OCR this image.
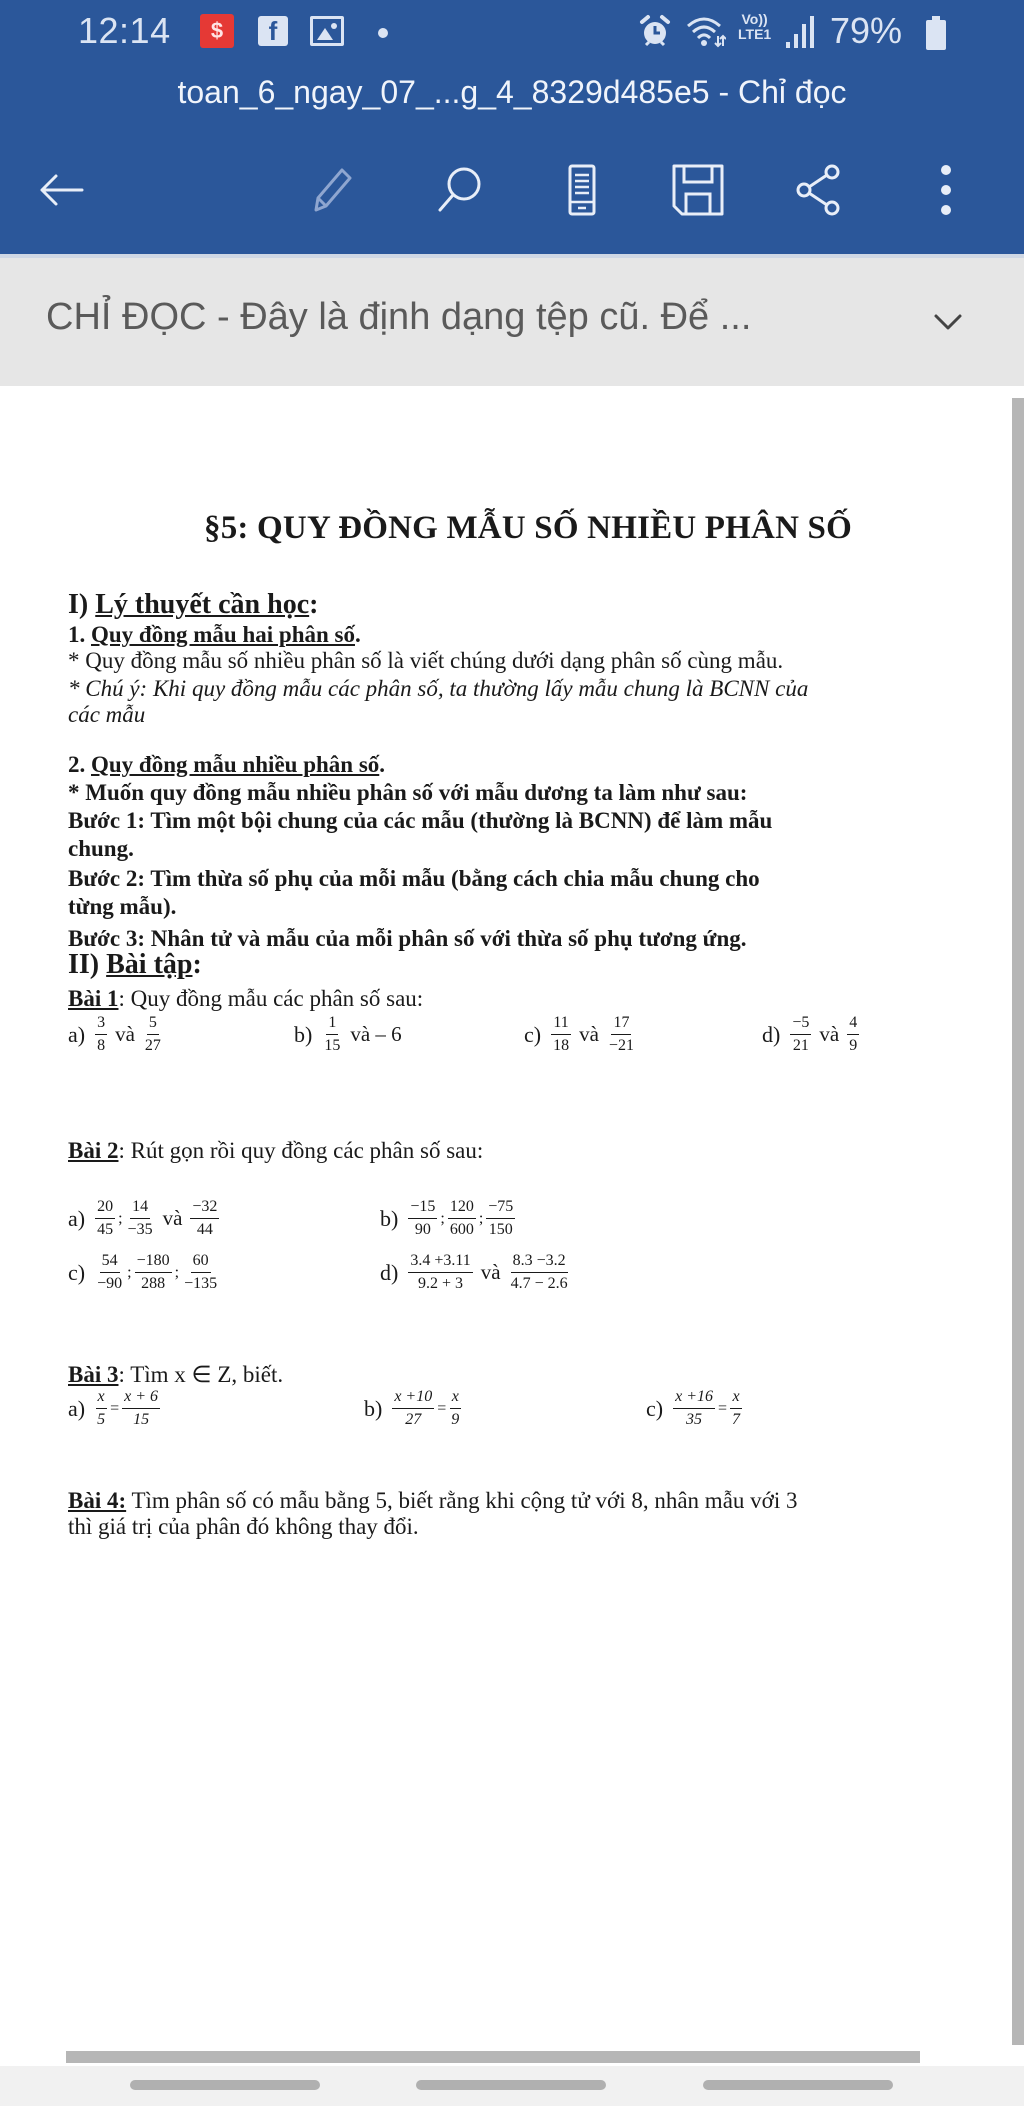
12:14	$	f	Vo))
LTE1 79%
toan_6_ngay_07_...g_4_8329d485e5 - Chỉ đọc
CHỈ ĐỌC - Đây là định dạng tệp cũ. Để ...
§5: QUY ĐỒNG MẪU SỐ NHIỀU PHÂN SỐ
I) Lý thuyết cần học:
1. Quy đồng mẫu hai phân số.
* Quy đồng mẫu số nhiều phân số là viết chúng dưới dạng phân số cùng mẫu.
* Chú ý: Khi quy đồng mẫu các phân số, ta thường lấy mẫu chung là BCNN của
các mẫu
2. Quy đồng mẫu nhiều phân số.
* Muốn quy đồng mẫu nhiều phân số với mẫu dương ta làm như sau:
Bước 1: Tìm một bội chung của các mẫu (thường là BCNN) để làm mẫu
chung.
Bước 2: Tìm thừa số phụ của mỗi mẫu (bằng cách chia mẫu chung cho
từng mẫu).
Bước 3: Nhân tử và mẫu của mỗi phân số với thừa số phụ tương ứng.
II) Bài tập:
Bài 1: Quy đồng mẫu các phân số sau:
$a) \frac{3}{8}$ và $\frac{5}{27}$	$b) \frac{1}{15}$ và – 6	$c) \frac{11}{18}$ và $\frac{17}{-21}$	$d) \frac{-5}{21}$ và $\frac{4}{9}$
Bài 2: Rút gọn rồi quy đồng các phân số sau:
$a) \frac{20}{45}$ ; $\frac{14}{-35}$ và $\frac{-32}{44}$	$b) \frac{-15}{90}$ ; $\frac{120}{600}$ ; $\frac{-75}{150}$
$c) \frac{54}{-90}$ ; $\frac{-180}{288}$ ; $\frac{60}{-135}$	$d) \frac{3.4 +3.11}{9.2 + 3}$ và $\frac{8.3 -3.2}{4.7 - 2.6}$
Bài 3: Tìm x ∈ Z, biết.
$a) \frac{x}{5} = \frac{x + 6}{15}$	$b) \frac{x +10}{27} = \frac{x}{9}$	$c) \frac{x +16}{35} = \frac{x}{7}$
Bài 4: Tìm phân số có mẫu bằng 5, biết rằng khi cộng tử với 8, nhân mẫu với 3
thì giá trị của phân đó không thay đổi.
